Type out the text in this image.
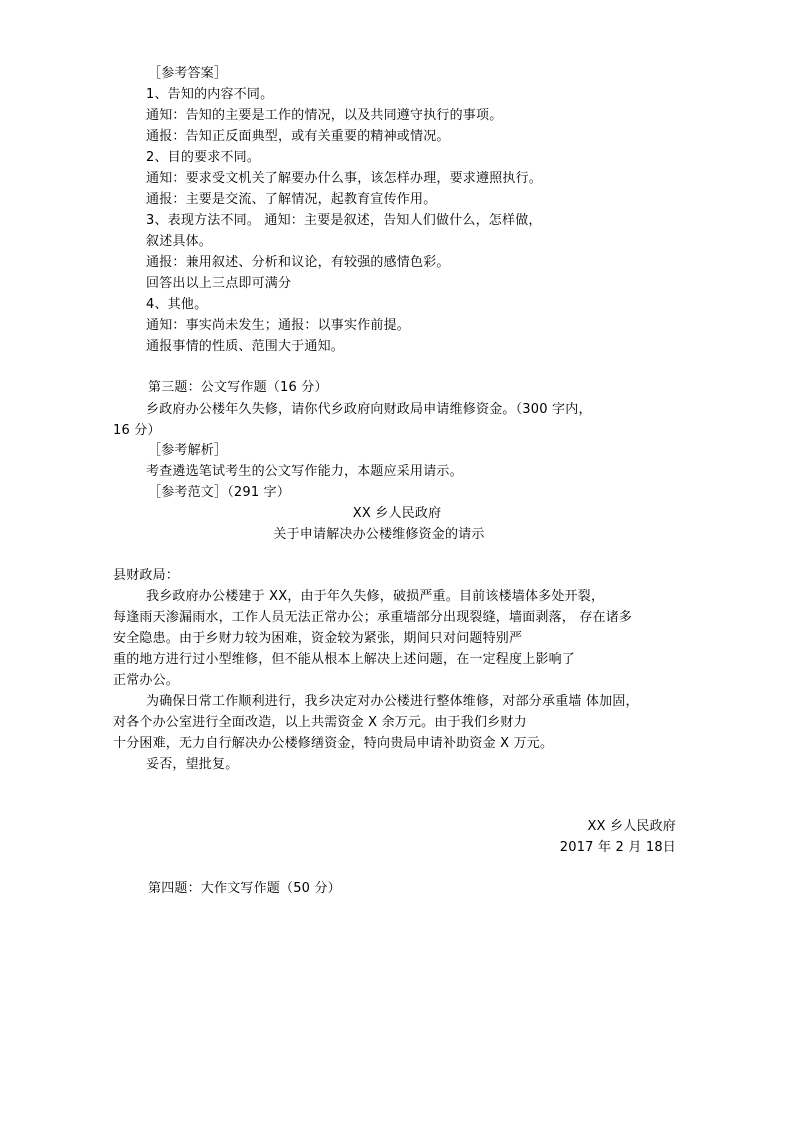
［参考答案］
1、告知的内容不同。
通知：告知的主要是工作的情况，以及共同遵守执行的事项。
通报：告知正反面典型，或有关重要的精神或情况。
2、目的要求不同。
通知：要求受文机关了解要办什么事，该怎样办理，要求遵照执行。
通报：主要是交流、了解情况，起教育宣传作用。
3、表现方法不同。 通知：主要是叙述，告知人们做什么，怎样做，
叙述具体。
通报：兼用叙述、分析和议论，有较强的感情色彩。
回答出以上三点即可满分
4、其他。
通知：事实尚未发生；通报：以事实作前提。
通报事情的性质、范围大于通知。
第三题：公文写作题（16 分）
乡政府办公楼年久失修，请你代乡政府向财政局申请维修资金。（300 字内，
16 分）
［参考解析］
考查遴选笔试考生的公文写作能力，本题应采用请示。
［参考范文］（291 字）
XX 乡人民政府
关于申请解决办公楼维修资金的请示
县财政局：
我乡政府办公楼建于 XX，由于年久失修，破损严重。目前该楼墙体多处开裂，
每逢雨天渗漏雨水，工作人员无法正常办公；承重墙部分出现裂缝，墙面剥落， 存在诸多
安全隐患。由于乡财力较为困难，资金较为紧张，期间只对问题特别严
重的地方进行过小型维修，但不能从根本上解决上述问题，在一定程度上影响了
正常办公。
为确保日常工作顺利进行，我乡决定对办公楼进行整体维修，对部分承重墙 体加固，
对各个办公室进行全面改造，以上共需资金 X 余万元。由于我们乡财力
十分困难，无力自行解决办公楼修缮资金，特向贵局申请补助资金 X 万元。
妥否，望批复。
XX 乡人民政府
2017 年 2 月 18日
第四题：大作文写作题（50 分）
